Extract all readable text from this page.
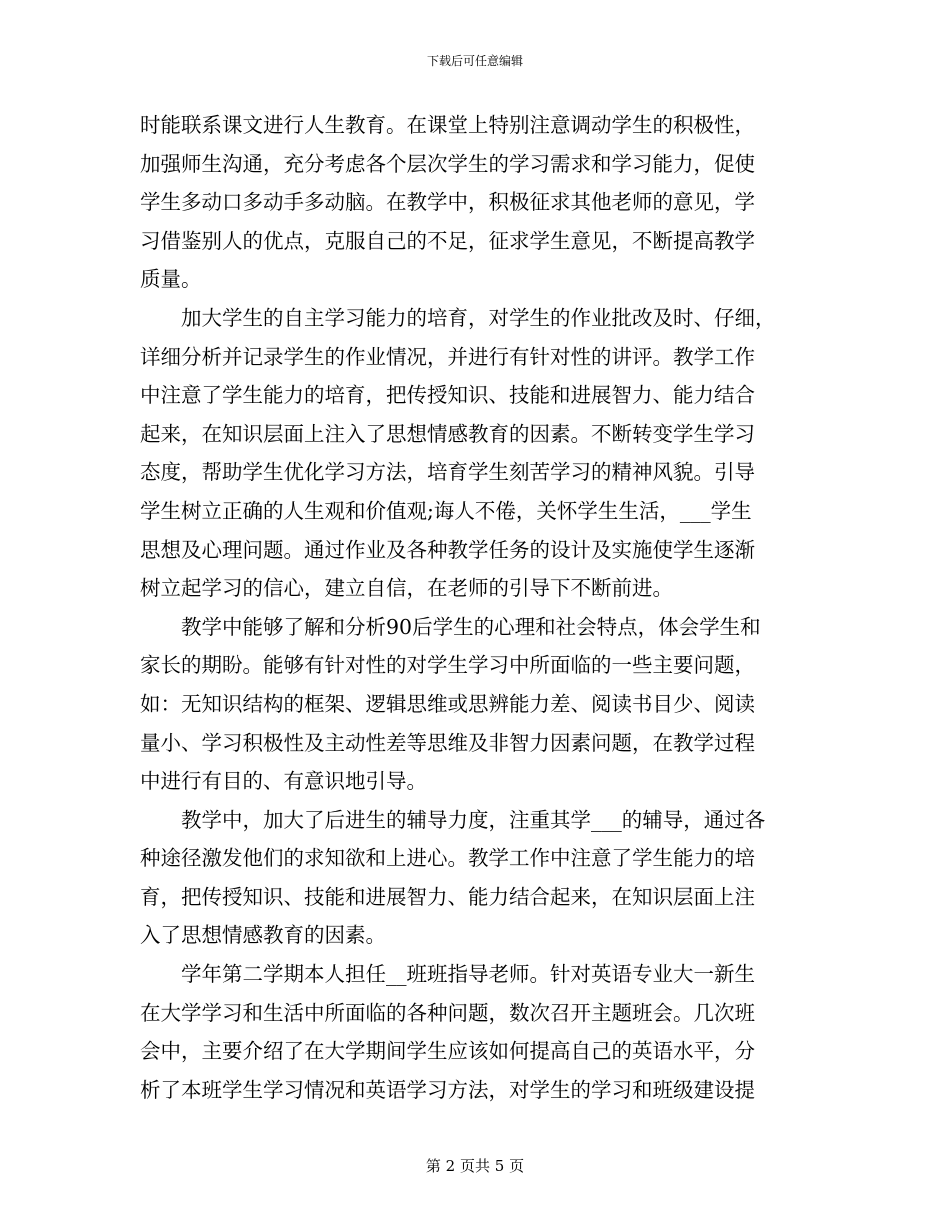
下载后可任意编辑
时能联系课文进行人生教育。在课堂上特别注意调动学生的积极性，
加强师生沟通，充分考虑各个层次学生的学习需求和学习能力，促使
学生多动口多动手多动脑。在教学中，积极征求其他老师的意见，学
习借鉴别人的优点，克服自己的不足，征求学生意见，不断提高教学
质量。
加大学生的自主学习能力的培育，对学生的作业批改及时、仔细，
详细分析并记录学生的作业情况，并进行有针对性的讲评。教学工作
中注意了学生能力的培育，把传授知识、技能和进展智力、能力结合
起来，在知识层面上注入了思想情感教育的因素。不断转变学生学习
态度，帮助学生优化学习方法，培育学生刻苦学习的精神风貌。引导
学生树立正确的人生观和价值观;诲人不倦，关怀学生生活，___学生
思想及心理问题。通过作业及各种教学任务的设计及实施使学生逐渐
树立起学习的信心，建立自信，在老师的引导下不断前进。
教学中能够了解和分析90后学生的心理和社会特点，体会学生和
家长的期盼。能够有针对性的对学生学习中所面临的一些主要问题，
如：无知识结构的框架、逻辑思维或思辨能力差、阅读书目少、阅读
量小、学习积极性及主动性差等思维及非智力因素问题，在教学过程
中进行有目的、有意识地引导。
教学中，加大了后进生的辅导力度，注重其学___的辅导，通过各
种途径激发他们的求知欲和上进心。教学工作中注意了学生能力的培
育，把传授知识、技能和进展智力、能力结合起来，在知识层面上注
入了思想情感教育的因素。
学年第二学期本人担任__班班指导老师。针对英语专业大一新生
在大学学习和生活中所面临的各种问题，数次召开主题班会。几次班
会中，主要介绍了在大学期间学生应该如何提高自己的英语水平，分
析了本班学生学习情况和英语学习方法，对学生的学习和班级建设提
第 2 页共 5 页
